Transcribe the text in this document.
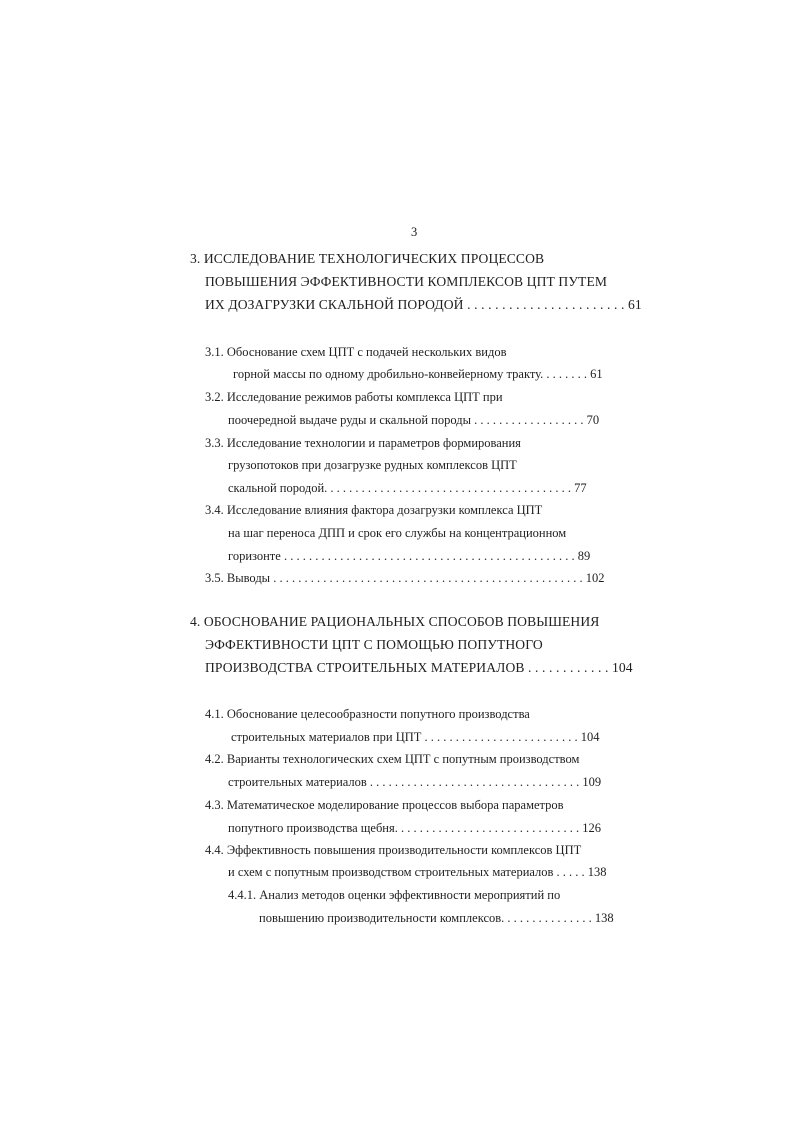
3

3. ИССЛЕДОВАНИЕ ТЕХНОЛОГИЧЕСКИХ ПРОЦЕССОВ

ПОВЫШЕНИЯ ЭФФЕКТИВНОСТИ КОМПЛЕКСОВ ЦПТ ПУТЕМ

ИХ ДОЗАГРУЗКИ СКАЛЬНОЙ ПОРОДОЙ . . . . . . . . . . . . . . . . . . . . . . . 61

3.1. Обоснование схем ЦПТ с подачей нескольких видов

горной массы по одному дробильно-конвейерному тракту. . . . . . . . 61

3.2. Исследование режимов работы комплекса ЦПТ при

поочередной выдаче руды и скальной породы . . . . . . . . . . . . . . . . . . 70

3.3. Исследование технологии и параметров формирования

грузопотоков при дозагрузке рудных комплексов ЦПТ

скальной породой. . . . . . . . . . . . . . . . . . . . . . . . . . . . . . . . . . . . . . . . 77

3.4. Исследование влияния фактора дозагрузки комплекса ЦПТ

на шаг переноса ДПП и срок его службы на концентрационном

горизонте . . . . . . . . . . . . . . . . . . . . . . . . . . . . . . . . . . . . . . . . . . . . . . . 89

3.5. Выводы . . . . . . . . . . . . . . . . . . . . . . . . . . . . . . . . . . . . . . . . . . . . . . . . . . 102

4. ОБОСНОВАНИЕ РАЦИОНАЛЬНЫХ СПОСОБОВ ПОВЫШЕНИЯ

ЭФФЕКТИВНОСТИ ЦПТ С ПОМОЩЬЮ ПОПУТНОГО

ПРОИЗВОДСТВА СТРОИТЕЛЬНЫХ МАТЕРИАЛОВ . . . . . . . . . . . . 104

4.1. Обоснование целесообразности попутного производства

строительных материалов при ЦПТ . . . . . . . . . . . . . . . . . . . . . . . . . 104

4.2. Варианты технологических схем ЦПТ с попутным производством

строительных материалов . . . . . . . . . . . . . . . . . . . . . . . . . . . . . . . . . . 109

4.3. Математическое моделирование процессов выбора параметров

попутного производства щебня. . . . . . . . . . . . . . . . . . . . . . . . . . . . . . 126

4.4. Эффективность повышения производительности комплексов ЦПТ

и схем с попутным производством строительных материалов . . . . . 138

4.4.1. Анализ методов оценки эффективности мероприятий по

повышению производительности комплексов. . . . . . . . . . . . . . . 138
